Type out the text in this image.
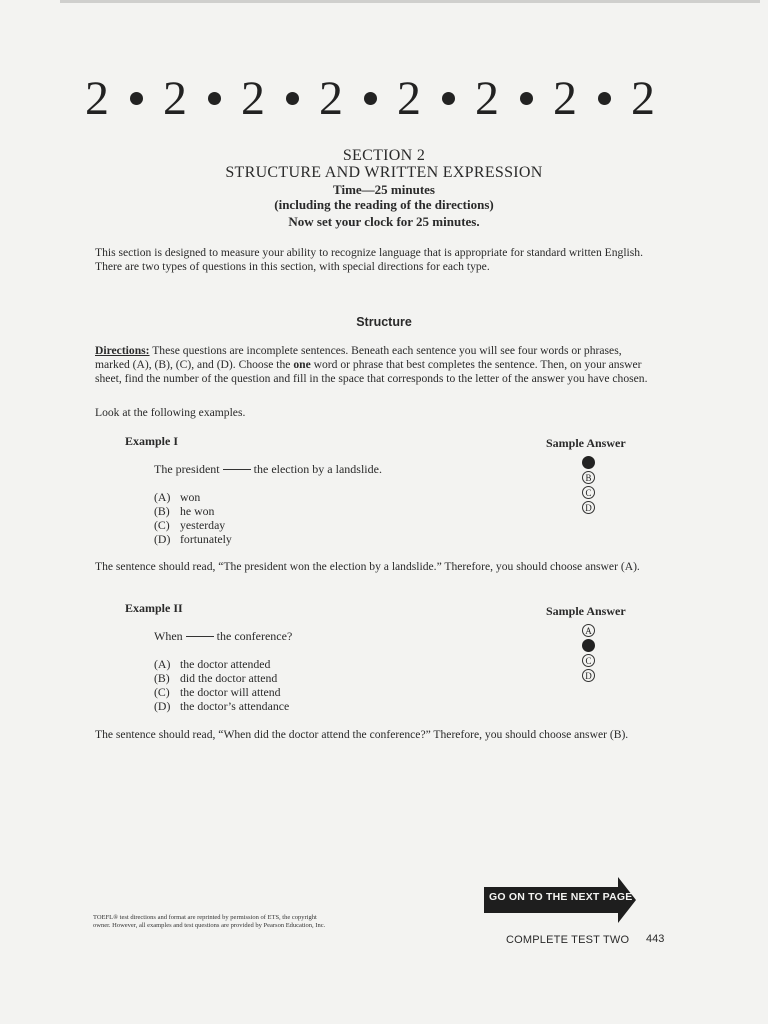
2 2 2 2 2 2 2 2
SECTION 2
STRUCTURE AND WRITTEN EXPRESSION
Time—25 minutes
(including the reading of the directions)
Now set your clock for 25 minutes.
This section is designed to measure your ability to recognize language that is appropriate for standard written English. There are two types of questions in this section, with special directions for each type.
Structure
Directions: These questions are incomplete sentences. Beneath each sentence you will see four words or phrases, marked (A), (B), (C), and (D). Choose the one word or phrase that best completes the sentence. Then, on your answer sheet, find the number of the question and fill in the space that corresponds to the letter of the answer you have chosen.
Look at the following examples.
Example I	Sample Answer
The president	the election by a landslide.
(A) won
(B) he won
(C) yesterday
(D) fortunately
B
C
D
The sentence should read, “The president won the election by a landslide.” Therefore, you should choose answer (A).
Example II	Sample Answer
When	the conference?
(A) the doctor attended
(B) did the doctor attend
(C) the doctor will attend
(D) the doctor’s attendance
A
C
D
The sentence should read, “When did the doctor attend the conference?” Therefore, you should choose answer (B).
TOEFL® test directions and format are reprinted by permission of ETS, the copyright owner. However, all examples and test questions are provided by Pearson Education, Inc.
GO ON TO THE NEXT PAGE
COMPLETE TEST TWO 443
